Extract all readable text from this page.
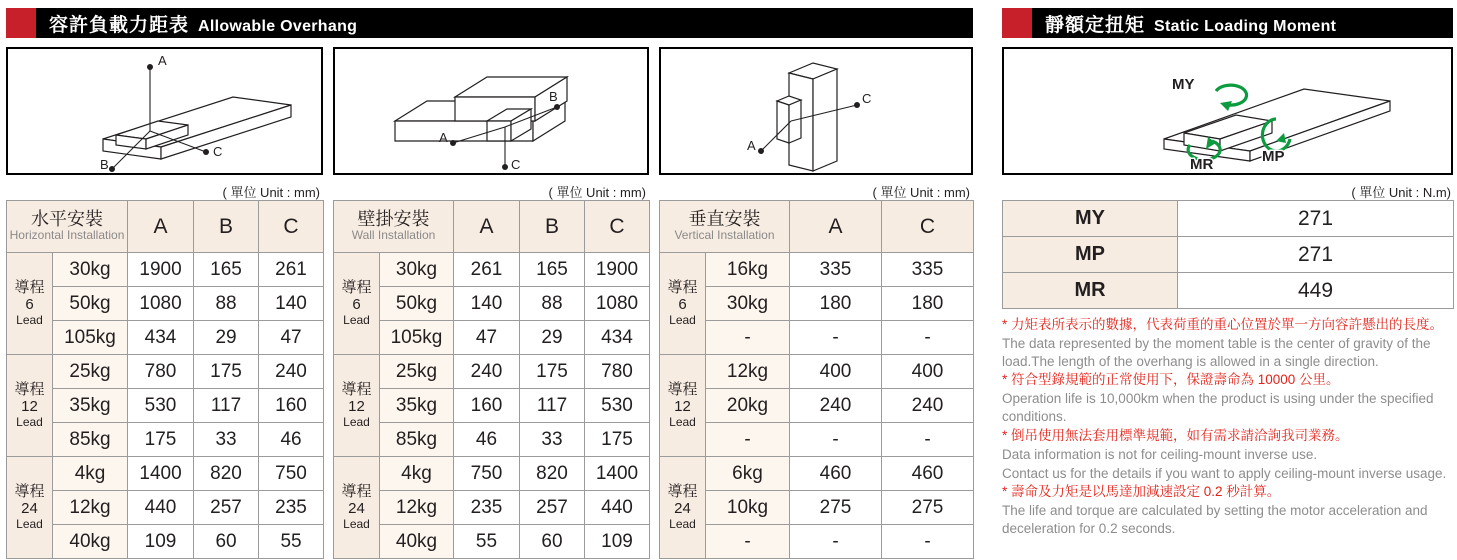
容許負載力距表 Allowable Overhang	靜額定扭矩 Static Loading Moment
A
C
B
( 單位 Unit : mm)
A
B
C
( 單位 Unit : mm)
A
C
( 單位 Unit : mm)
MY
MP
MR
( 單位 Unit : N.m)
水平安裝
Horizontal Installation		A	B	C

導程
6
Lead	30kg	1900	165	261
	50kg	1080	88	140
	105kg	434	29	47

導程
12
Lead	25kg	780	175	240
	35kg	530	117	160
	85kg	175	33	46

導程
24
Lead	4kg	1400	820	750
	12kg	440	257	235
	40kg	109	60	55
壁掛安裝
Wall Installation		A	B	C

導程
6
Lead	30kg	261	165	1900
	50kg	140	88	1080
	105kg	47	29	434

導程
12
Lead	25kg	240	175	780
	35kg	160	117	530
	85kg	46	33	175

導程
24
Lead	4kg	750	820	1400
	12kg	235	257	440
	40kg	55	60	109
垂直安裝
Vertical Installation		A	C

導程
6
Lead	16kg	335	335
	30kg	180	180
	-	-	-

導程
12
Lead	12kg	400	400
	20kg	240	240
	-	-	-

導程
24
Lead	6kg	460	460
	10kg	275	275
	-	-	-
MY	271
MP	271
MR	449

* 力矩表所表示的數據，代表荷重的重心位置於單一方向容許懸出的長度。

The data represented by the moment table is the center of gravity of the load.The length of the overhang is allowed in a single direction.

* 符合型錄規範的正常使用下，保證壽命為 10000 公里。

Operation life is 10,000km when the product is using under the specified conditions.

* 倒吊使用無法套用標準規範，如有需求請洽詢我司業務。

Data information is not for ceiling-mount inverse use.

Contact us for the details if you want to apply ceiling-mount inverse usage.

* 壽命及力矩是以馬達加減速設定 0.2 秒計算。

The life and torque are calculated by setting the motor acceleration and deceleration for 0.2 seconds.
